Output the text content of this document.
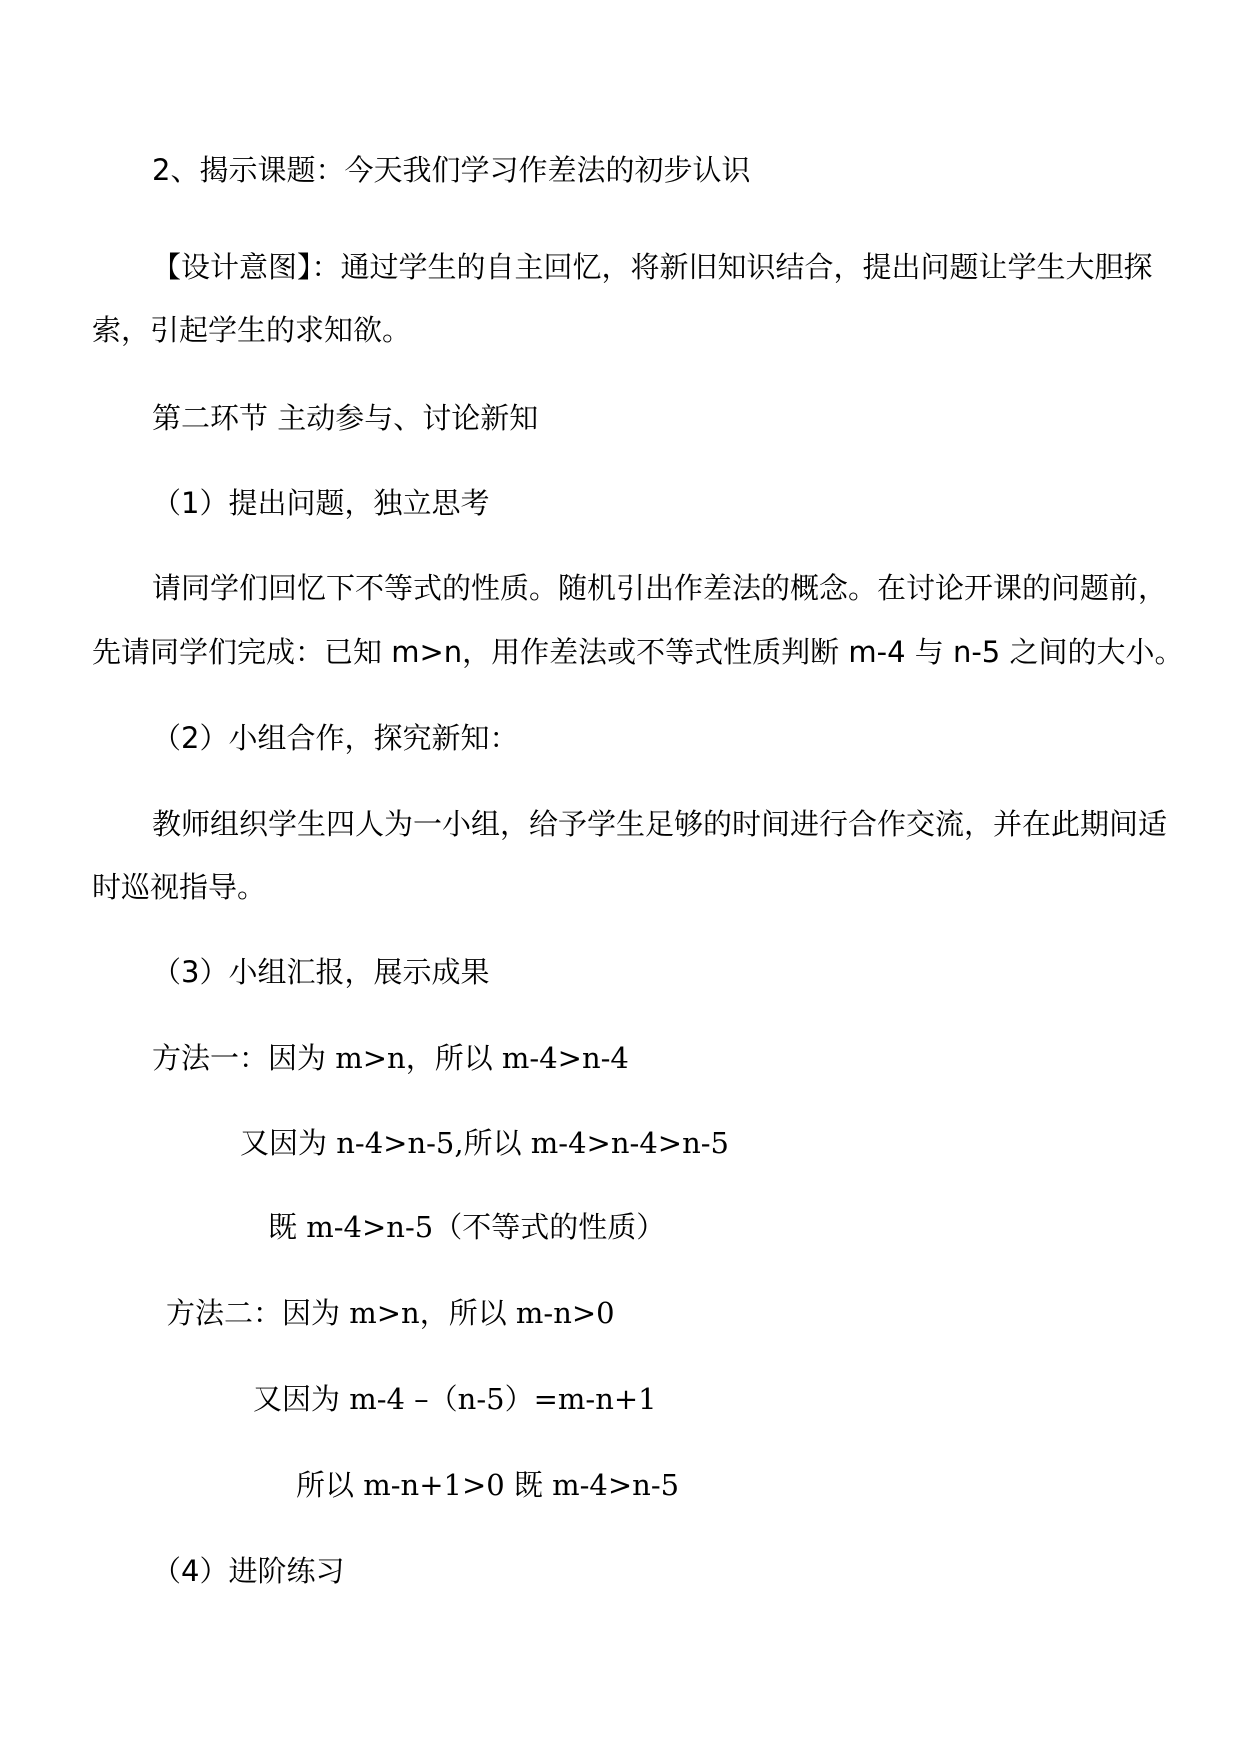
2、揭示课题：今天我们学习作差法的初步认识
【设计意图】：通过学生的自主回忆，将新旧知识结合，提出问题让学生大胆探
索，引起学生的求知欲。
第二环节 主动参与、讨论新知
（1）提出问题，独立思考
请同学们回忆下不等式的性质。随机引出作差法的概念。在讨论开课的问题前，
先请同学们完成：已知 m>n，用作差法或不等式性质判断 m-4 与 n-5 之间的大小。
（2）小组合作，探究新知：
教师组织学生四人为一小组，给予学生足够的时间进行合作交流，并在此期间适
时巡视指导。
（3）小组汇报，展示成果
方法一：因为 m>n，所以 m-4>n-4
又因为 n-4>n-5,所以 m-4>n-4>n-5
既 m-4>n-5（不等式的性质）
方法二：因为 m>n，所以 m-n>0
又因为 m-4 –（n-5）=m-n+1
所以 m-n+1>0 既 m-4>n-5
（4）进阶练习
